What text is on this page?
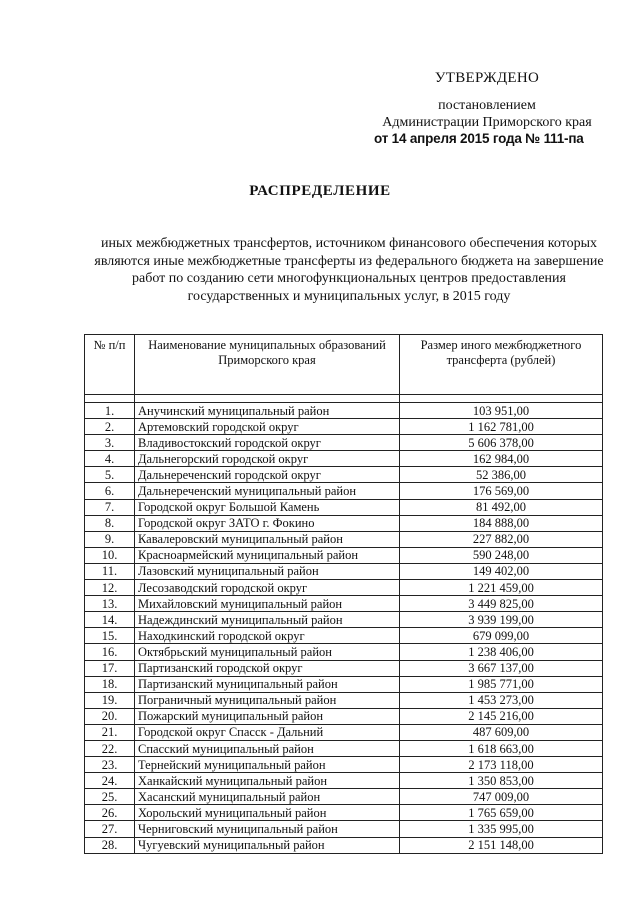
УТВЕРЖДЕНО
постановлением
Администрации Приморского края
от 14 апреля 2015 года № 111-па
РАСПРЕДЕЛЕНИЕ
иных межбюджетных трансфертов, источником финансового обеспечения которых являются иные межбюджетные трансферты из федерального бюджета на завершение работ по созданию сети многофункциональных центров предоставления государственных и муниципальных услуг, в 2015 году
№ п/п	Наименование муниципальных образований Приморского края	Размер иного межбюджетного трансферта (рублей)

1.	Анучинский муниципальный район	103 951,00
2.	Артемовский городской округ	1 162 781,00
3.	Владивостокский городской округ	5 606 378,00
4.	Дальнегорский городской округ	162 984,00
5.	Дальнереченский городской округ	52 386,00
6.	Дальнереченский муниципальный район	176 569,00
7.	Городской округ Большой Камень	81 492,00
8.	Городской округ ЗАТО г. Фокино	184 888,00
9.	Кавалеровский муниципальный район	227 882,00
10.	Красноармейский муниципальный район	590 248,00
11.	Лазовский муниципальный район	149 402,00
12.	Лесозаводский городской округ	1 221 459,00
13.	Михайловский муниципальный район	3 449 825,00
14.	Надеждинский муниципальный район	3 939 199,00
15.	Находкинский городской округ	679 099,00
16.	Октябрьский муниципальный район	1 238 406,00
17.	Партизанский городской округ	3 667 137,00
18.	Партизанский муниципальный район	1 985 771,00
19.	Пограничный муниципальный район	1 453 273,00
20.	Пожарский муниципальный район	2 145 216,00
21.	Городской округ Спасск - Дальний	487 609,00
22.	Спасский муниципальный район	1 618 663,00
23.	Тернейский муниципальный район	2 173 118,00
24.	Ханкайский муниципальный район	1 350 853,00
25.	Хасанский муниципальный район	747 009,00
26.	Хорольский муниципальный район	1 765 659,00
27.	Черниговский муниципальный район	1 335 995,00
28.	Чугуевский муниципальный район	2 151 148,00
